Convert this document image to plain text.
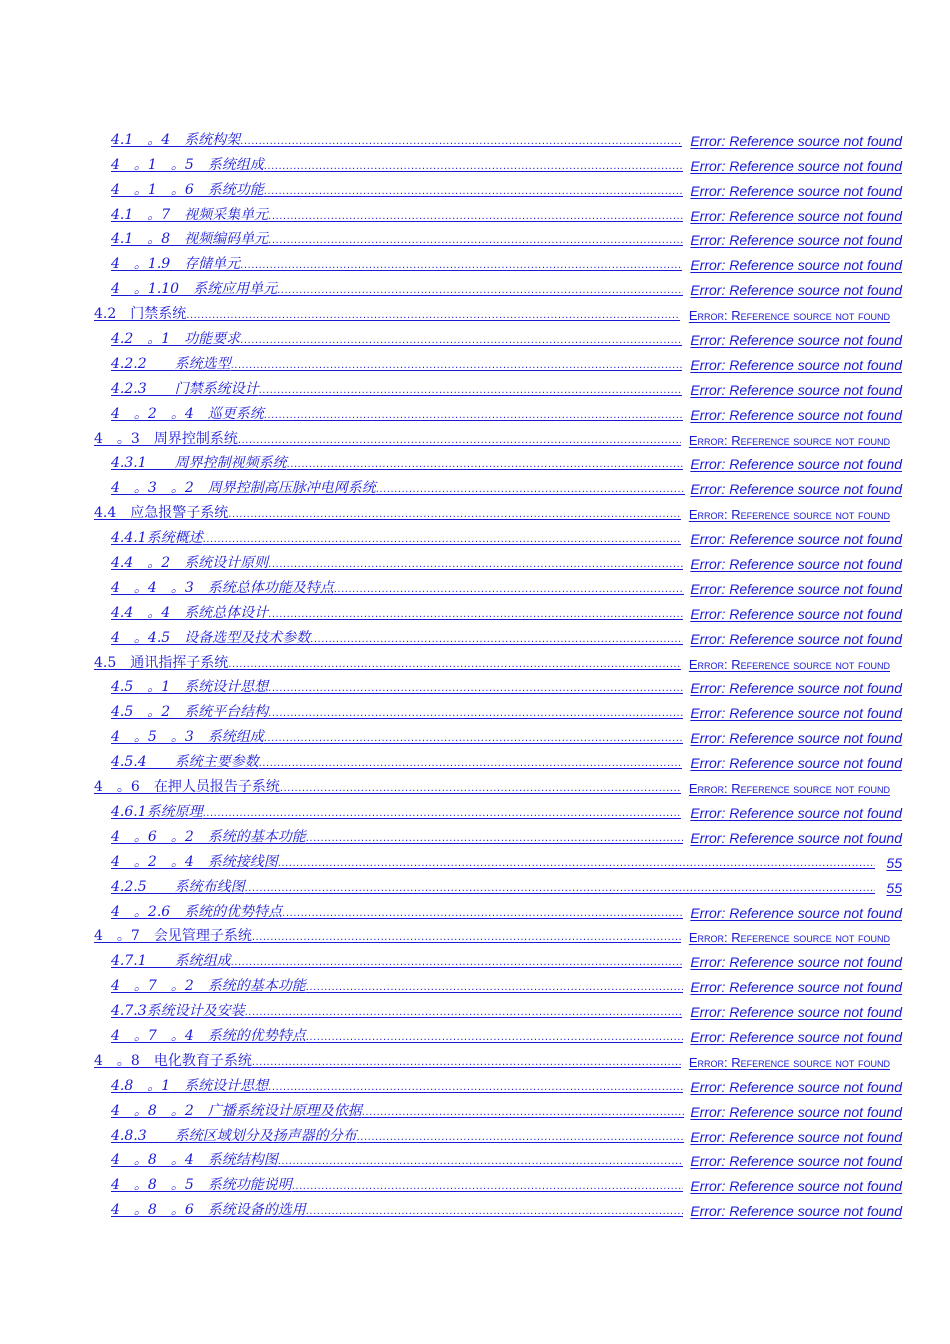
4.1　。4　系统构架 .....	Error: Reference source not found
4　。1　。5　系统组成 .....	Error: Reference source not found
4　。1　。6　系统功能 .....	Error: Reference source not found
4.1　。7　视频采集单元 .....	Error: Reference source not found
4.1　。8　视频编码单元 .....	Error: Reference source not found
4　。1.9　存储单元 .....	Error: Reference source not found
4　。1.10　系统应用单元 .....	Error: Reference source not found
4.2　门禁系统 .....	Error: Reference source not found
4.2　。1　功能要求 .....	Error: Reference source not found
4.2.2　　系统选型 .....	Error: Reference source not found
4.2.3　　门禁系统设计 .....	Error: Reference source not found
4　。2　。4　巡更系统 .....	Error: Reference source not found
4　。3　周界控制系统 .....	Error: Reference source not found
4.3.1　　周界控制视频系统 .....	Error: Reference source not found
4　。3　。2　周界控制高压脉冲电网系统 .....	Error: Reference source not found
4.4　应急报警子系统 .....	Error: Reference source not found
4.4.1系统概述 .....	Error: Reference source not found
4.4　。2　系统设计原则 .....	Error: Reference source not found
4　。4　。3　系统总体功能及特点 .....	Error: Reference source not found
4.4　。4　系统总体设计 .....	Error: Reference source not found
4　。4.5　设备选型及技术参数 .....	Error: Reference source not found
4.5　通讯指挥子系统 .....	Error: Reference source not found
4.5　。1　系统设计思想 .....	Error: Reference source not found
4.5　。2　系统平台结构 .....	Error: Reference source not found
4　。5　。3　系统组成 .....	Error: Reference source not found
4.5.4　　系统主要参数 .....	Error: Reference source not found
4　。6　在押人员报告子系统 .....	Error: Reference source not found
4.6.1系统原理 .....	Error: Reference source not found
4　。6　。2　系统的基本功能 .....	Error: Reference source not found
4　。2　。4　系统接线图 .....	55
4.2.5　　系统布线图 .....	55
4　。2.6　系统的优势特点 .....	Error: Reference source not found
4　。7　会见管理子系统 .....	Error: Reference source not found
4.7.1　　系统组成 .....	Error: Reference source not found
4　。7　。2　系统的基本功能 .....	Error: Reference source not found
4.7.3系统设计及安装 .....	Error: Reference source not found
4　。7　。4　系统的优势特点 .....	Error: Reference source not found
4　。8　电化教育子系统 .....	Error: Reference source not found
4.8　。1　系统设计思想 .....	Error: Reference source not found
4　。8　。2　广播系统设计原理及依据 .....	Error: Reference source not found
4.8.3　　系统区域划分及扬声器的分布 .....	Error: Reference source not found
4　。8　。4　系统结构图 .....	Error: Reference source not found
4　。8　。5　系统功能说明 .....	Error: Reference source not found
4　。8　。6　系统设备的选用 .....	Error: Reference source not found
